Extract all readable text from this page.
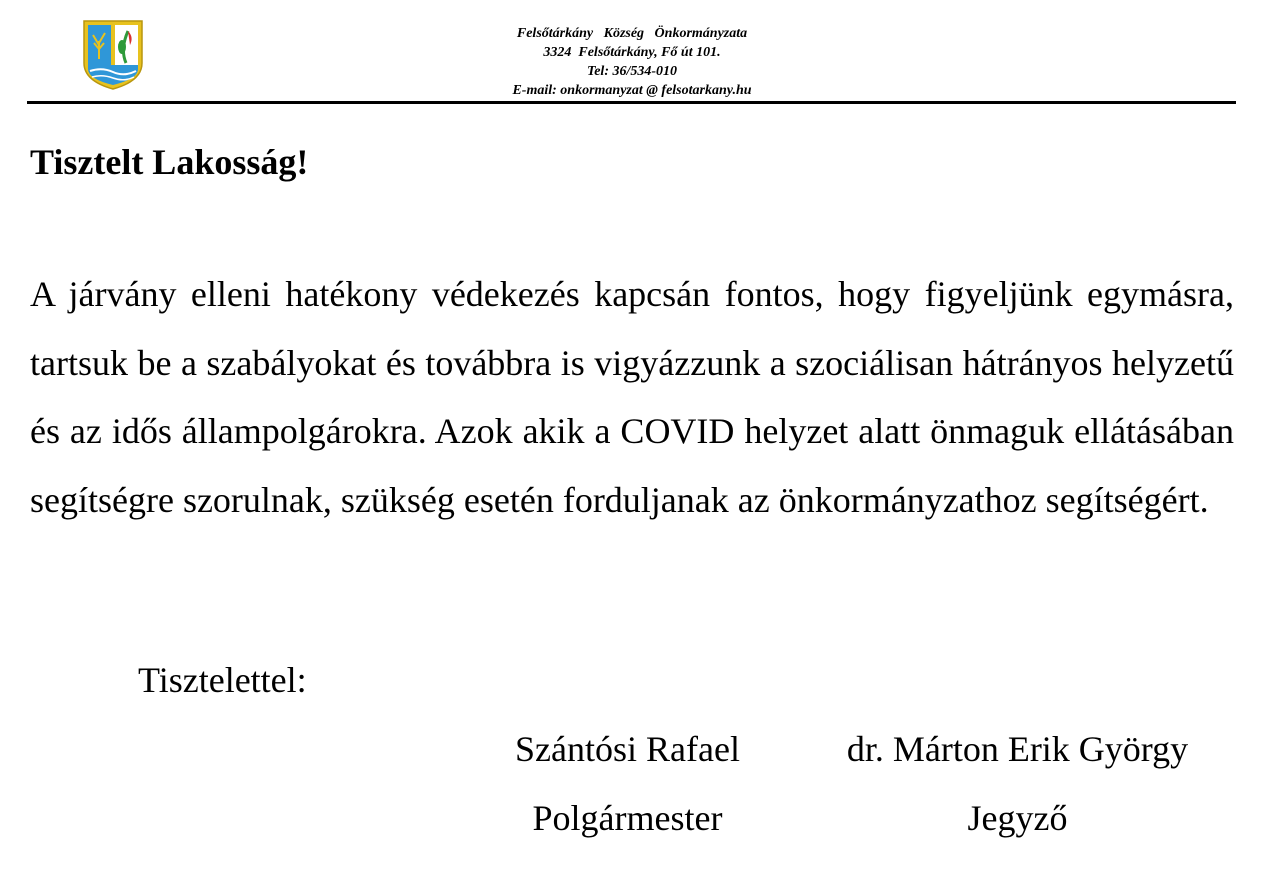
Felsőtárkány   Község   Önkormányzata
3324  Felsőtárkány, Fő út 101.
Tel: 36/534-010
E-mail: onkormanyzat @ felsotarkany.hu
Tisztelt Lakosság!

A járvány elleni hatékony védekezés kapcsán fontos, hogy figyeljünk egymásra, tartsuk be a szabályokat és továbbra is vigyázzunk a szociálisan hátrányos helyzetű és az idős állampolgárokra. Azok akik a COVID helyzet alatt önmaguk ellátásában segítségre szorulnak, szükség esetén forduljanak az önkormányzathoz segítségért.

Tisztelettel:
Szántósi Rafael
Polgármester
dr. Márton Erik György
Jegyző
